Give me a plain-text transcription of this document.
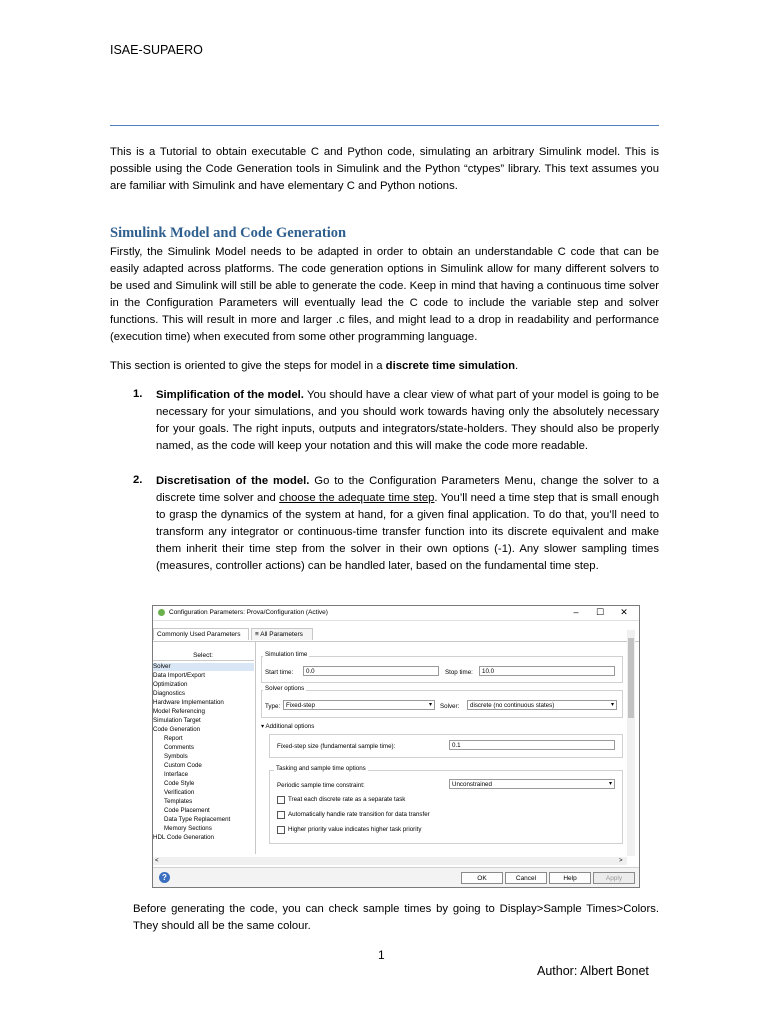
ISAE-SUPAERO

This is a Tutorial to obtain executable C and Python code, simulating an arbitrary Simulink model. This is possible using the Code Generation tools in Simulink and the Python “ctypes” library. This text assumes you are familiar with Simulink and have elementary C and Python notions.

Simulink Model and Code Generation

Firstly, the Simulink Model needs to be adapted in order to obtain an understandable C code that can be easily adapted across platforms. The code generation options in Simulink allow for many different solvers to be used and Simulink will still be able to generate the code. Keep in mind that having a continuous time solver in the Configuration Parameters will eventually lead the C code to include the variable step and solver functions. This will result in more and larger .c files, and might lead to a drop in readability and performance (execution time) when executed from some other programming language.

This section is oriented to give the steps for model in a discrete time simulation.

1. Simplification of the model. You should have a clear view of what part of your model is going to be necessary for your simulations, and you should work towards having only the absolutely necessary for your goals. The right inputs, outputs and integrators/state-holders. They should also be properly named, as the code will keep your notation and this will make the code more readable.
2. Discretisation of the model. Go to the Configuration Parameters Menu, change the solver to a discrete time solver and choose the adequate time step. You’ll need a time step that is small enough to grasp the dynamics of the system at hand, for a given final application. To do that, you’ll need to transform any integrator or continuous-time transfer function into its discrete equivalent and make them inherit their time step from the solver in their own options (-1). Any slower sampling times (measures, controller actions) can be handled later, based on the fundamental time step.
Configuration Parameters: Prova/Configuration (Active)	–	☐	✕
Commonly Used Parameters	≡ All Parameters
Select:
Solver
Data Import/Export
Optimization
Diagnostics
Hardware Implementation
Model Referencing
Simulation Target
Code Generation
Report
Comments
Symbols
Custom Code
Interface
Code Style
Verification
Templates
Code Placement
Data Type Replacement
Memory Sections
HDL Code Generation
Simulation time
Start time:	0.0	Stop time:	10.0
Solver options
Type: Fixed-step	▾ Solver:	discrete (no continuous states)	▾
▾ Additional options
Fixed-step size (fundamental sample time):	0.1
Tasking and sample time options
Periodic sample time constraint:	Unconstrained	▾
Treat each discrete rate as a separate task
Automatically handle rate transition for data transfer
Higher priority value indicates higher task priority
<	>
?	OK	Cancel	Help	Apply
Before generating the code, you can check sample times by going to Display>Sample Times>Colors. They should all be the same colour.
1
Author: Albert Bonet
